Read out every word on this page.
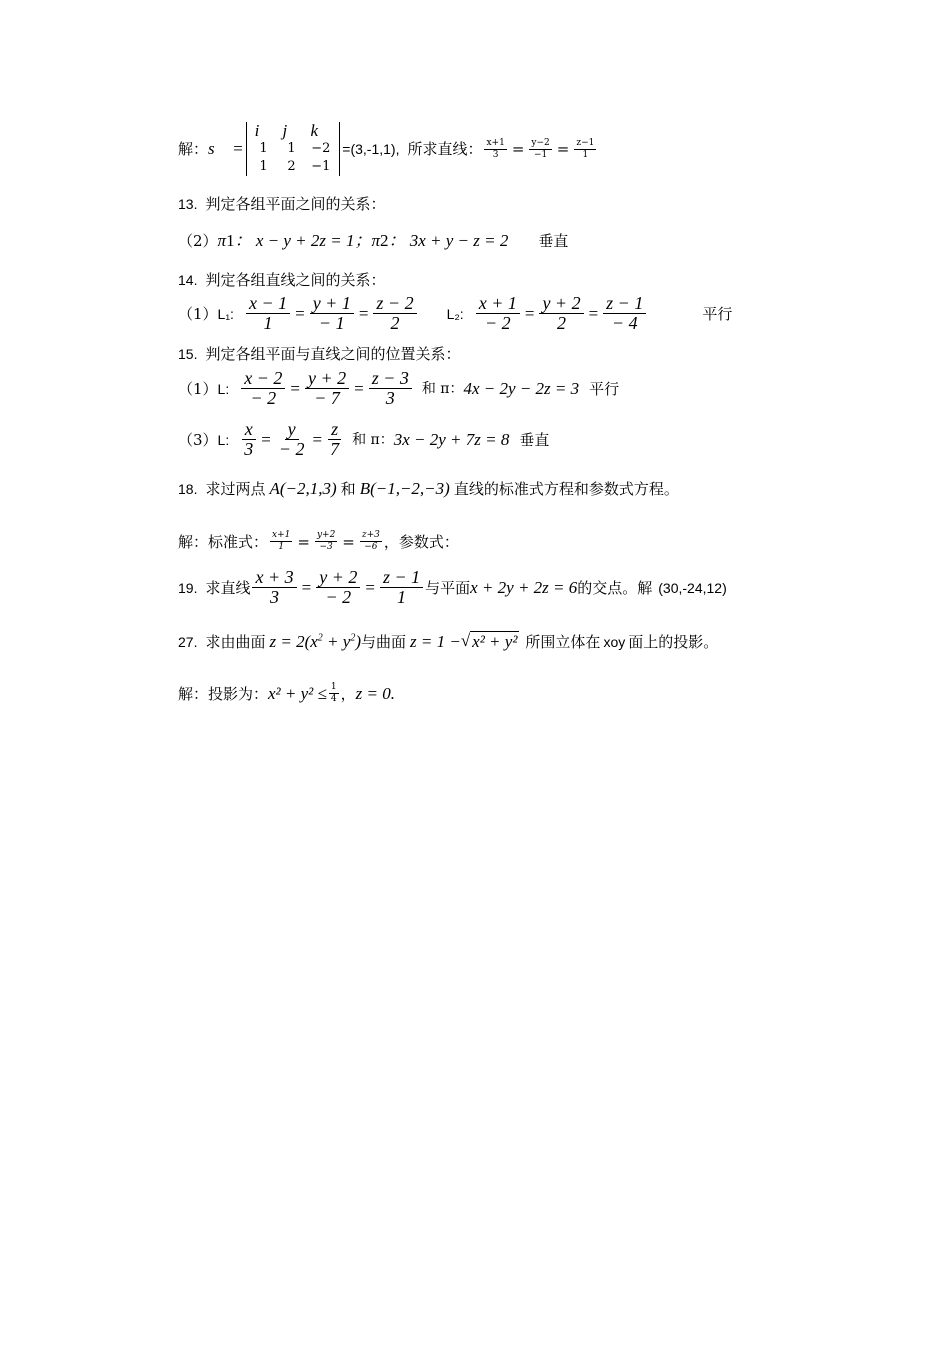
解： s⃗ =
i⃗	j⃗	k⃗
1	1	−2
1	2	−1
=(3,-1,1), 所求直线： $\frac{x+1}{3} = \frac{y-2}{-1} = \frac{z-1}{1}$
13. 判定各组平面之间的关系：
（2） π 1 ： x − y + 2z = 1； π 2 ： 3x + y − z = 2 垂直
14. 判定各组直线之间的关系：
（1） L₁: $\frac{x - 1}{1} = \frac{y + 1}{- 1} = \frac{z - 2}{2} L_2$: $\frac{x + 1}{- 2} = \frac{y + 2}{2} = \frac{z - 1}{- 4}$	平行
15. 判定各组平面与直线之间的位置关系：
（1） L: $\frac{x - 2}{- 2} = \frac{y + 2}{- 7} = \frac{z - 3}{3}$ 和 π： 4x − 2y − 2z = 3 平行
（3） L: $\frac{x}{3} = \frac{y}{- 2} = \frac{z}{7}$ 和 π： 3x − 2y + 7z = 8 垂直
18. 求过两点 A(−2,1,3) 和 B(−1,−2,−3) 直线的标准式方程和参数式方程。
解：标准式： $\frac{x+1}{1} = \frac{y+2}{-3} = \frac{z+3}{-6}$ ，参数式：
19. 求直线 $\frac{x + 3}{3} = \frac{y + 2}{- 2} = \frac{z - 1}{1}$ 与平面 x + 2y + 2z = 6 的交点。解 (30,-24,12)
27. 求由曲面 $z = 2(x^2 + y^2)$ 与曲面 z = 1 − √ x² + y² 所围立体在 xoy 面上的投影。
解：投影为： $x^2 + y^2 \le \frac{1}{4}$ ， z = 0.
